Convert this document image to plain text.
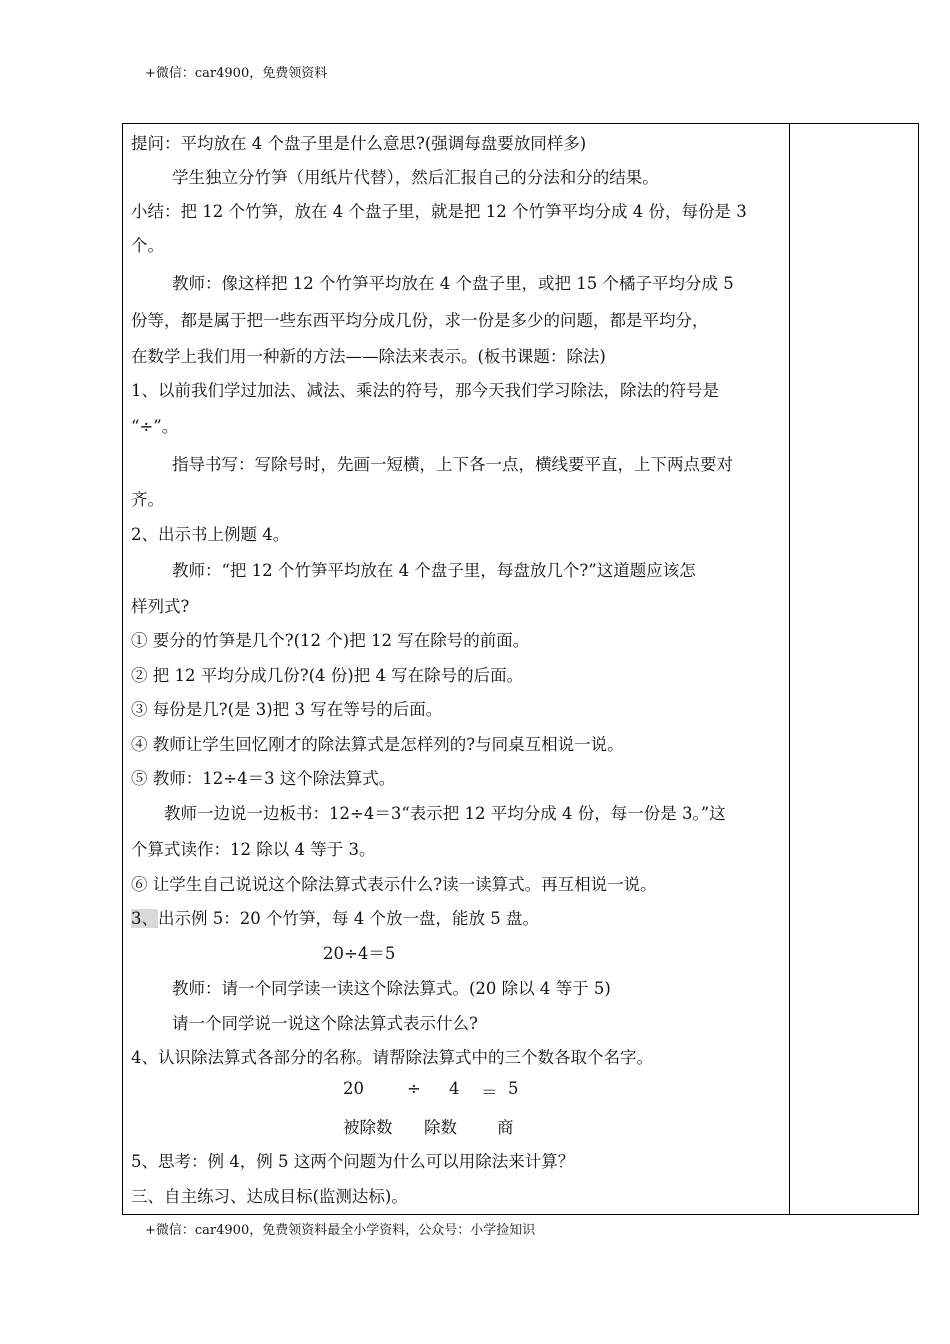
+微信：car4900，免费领资料
提问：平均放在 4 个盘子里是什么意思?(强调每盘要放同样多)
学生独立分竹笋（用纸片代替），然后汇报自己的分法和分的结果。
小结：把 12 个竹笋，放在 4 个盘子里，就是把 12 个竹笋平均分成 4 份，每份是 3
个。
教师：像这样把 12 个竹笋平均放在 4 个盘子里，或把 15 个橘子平均分成 5
份等，都是属于把一些东西平均分成几份，求一份是多少的问题，都是平均分，
在数学上我们用一种新的方法——除法来表示。(板书课题：除法)
1、以前我们学过加法、减法、乘法的符号，那今天我们学习除法，除法的符号是
“÷”。
指导书写：写除号时，先画一短横，上下各一点，横线要平直，上下两点要对
齐。
2、出示书上例题 4。
教师：“把 12 个竹笋平均放在 4 个盘子里，每盘放几个?”这道题应该怎
样列式?
① 要分的竹笋是几个?(12 个)把 12 写在除号的前面。
② 把 12 平均分成几份?(4 份)把 4 写在除号的后面。
③ 每份是几?(是 3)把 3 写在等号的后面。
④ 教师让学生回忆刚才的除法算式是怎样列的?与同桌互相说一说。
⑤ 教师：12÷4＝3 这个除法算式。
教师一边说一边板书：12÷4＝3“表示把 12 平均分成 4 份，每一份是 3。”这
个算式读作：12 除以 4 等于 3。
⑥ 让学生自己说说这个除法算式表示什么?读一读算式。再互相说一说。
3、出示例 5：20 个竹笋，每 4 个放一盘，能放 5 盘。
20÷4＝5
教师：请一个同学读一读这个除法算式。(20 除以 4 等于 5)
请一个同学说一说这个除法算式表示什么?
4、认识除法算式各部分的名称。请帮除法算式中的三个数各取个名字。
20	÷ 4 ＝ 5
被除数 除数 商
5、思考：例 4，例 5 这两个问题为什么可以用除法来计算？
三、自主练习、达成目标(监测达标)。
+微信：car4900，免费领资料最全小学资料，公众号：小学捡知识
